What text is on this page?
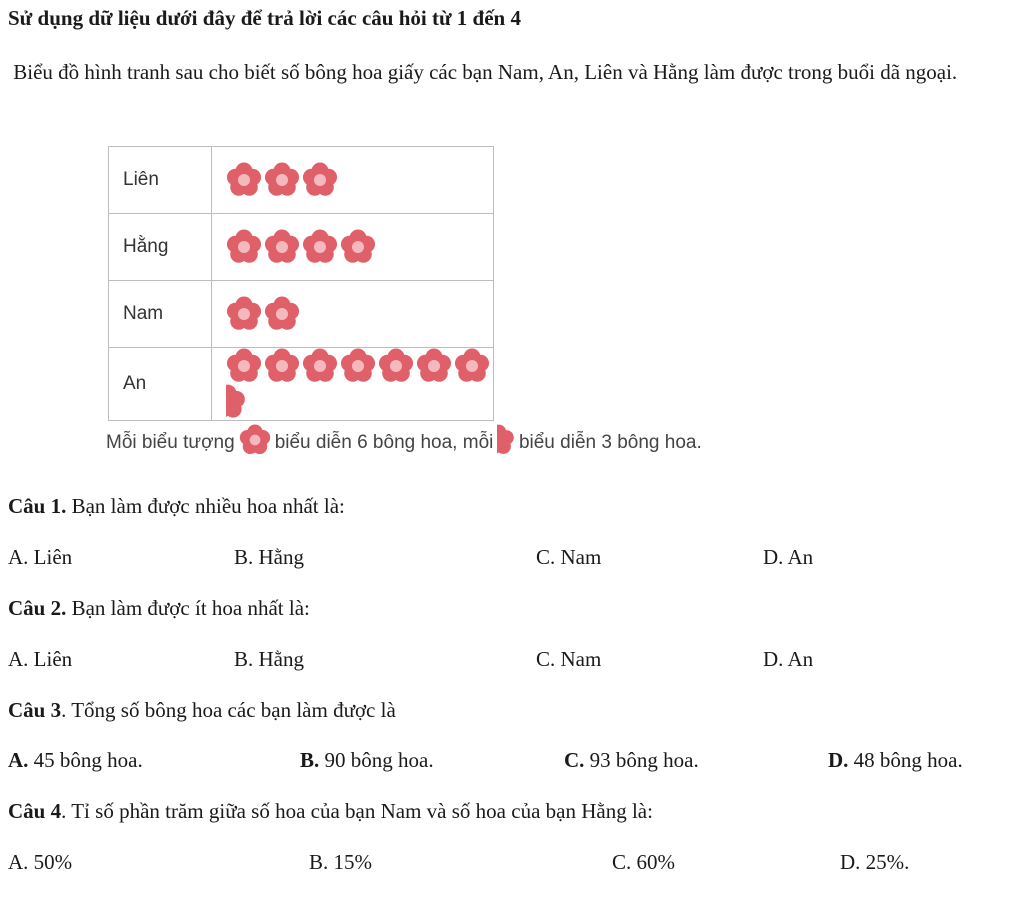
Sử dụng dữ liệu dưới đây để trả lời các câu hỏi từ 1 đến 4
Biểu đồ hình tranh sau cho biết số bông hoa giấy các bạn Nam, An, Liên và Hằng làm được trong buổi dã ngoại.
Liên	
Hằng	
Nam	
An	
Mỗi biểu tượng biểu diễn 6 bông hoa, mỗi biểu diễn 3 bông hoa.
Câu 1. Bạn làm được nhiều hoa nhất là:
A. Liên	B. Hằng	C. Nam	D. An
Câu 2. Bạn làm được ít hoa nhất là:
A. Liên	B. Hằng	C. Nam	D. An
Câu 3. Tổng số bông hoa các bạn làm được là
A. 45 bông hoa.	B. 90 bông hoa.	C. 93 bông hoa.	D. 48 bông hoa.
Câu 4. Tỉ số phần trăm giữa số hoa của bạn Nam và số hoa của bạn Hằng là:
A. 50%	B. 15%	C. 60%	D. 25%.
